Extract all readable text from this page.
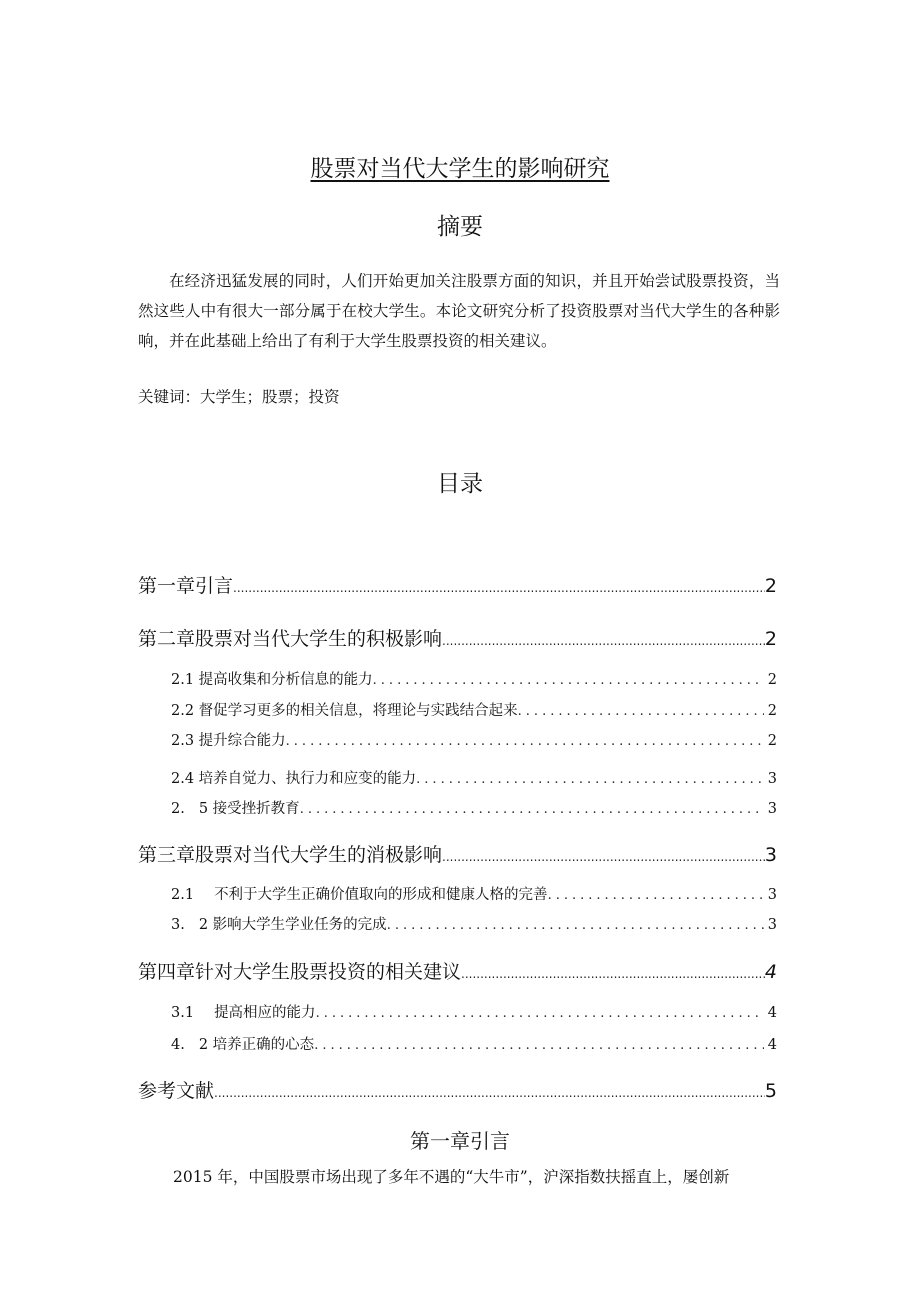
股票对当代大学生的影响研究
摘要
在经济迅猛发展的同时，人们开始更加关注股票方面的知识，并且开始尝试股票投资，当然这些人中有很大一部分属于在校大学生。本论文研究分析了投资股票对当代大学生的各种影响，并在此基础上给出了有利于大学生股票投资的相关建议。
关键词：大学生；股票；投资
目录
第一章引言 .....	2
第二章股票对当代大学生的积极影响 .....	2
2.1 提高收集和分析信息的能力 .....	2
2.2 督促学习更多的相关信息，将理论与实践结合起来 .....	2
2.3 提升综合能力 .....	2
2.4 培养自觉力、执行力和应变的能力 .....	3
2. 5 接受挫折教育 .....	3
第三章股票对当代大学生的消极影响 .....	3
2.1 不利于大学生正确价值取向的形成和健康人格的完善 .....	3
3. 2 影响大学生学业任务的完成 .....	3
第四章针对大学生股票投资的相关建议 .....	4
3.1 提高相应的能力 .....	4
4. 2 培养正确的心态 .....	4
参考文献 .....	5
第一章引言
2015 年，中国股票市场出现了多年不遇的“大牛市”，沪深指数扶摇直上，屡创新
